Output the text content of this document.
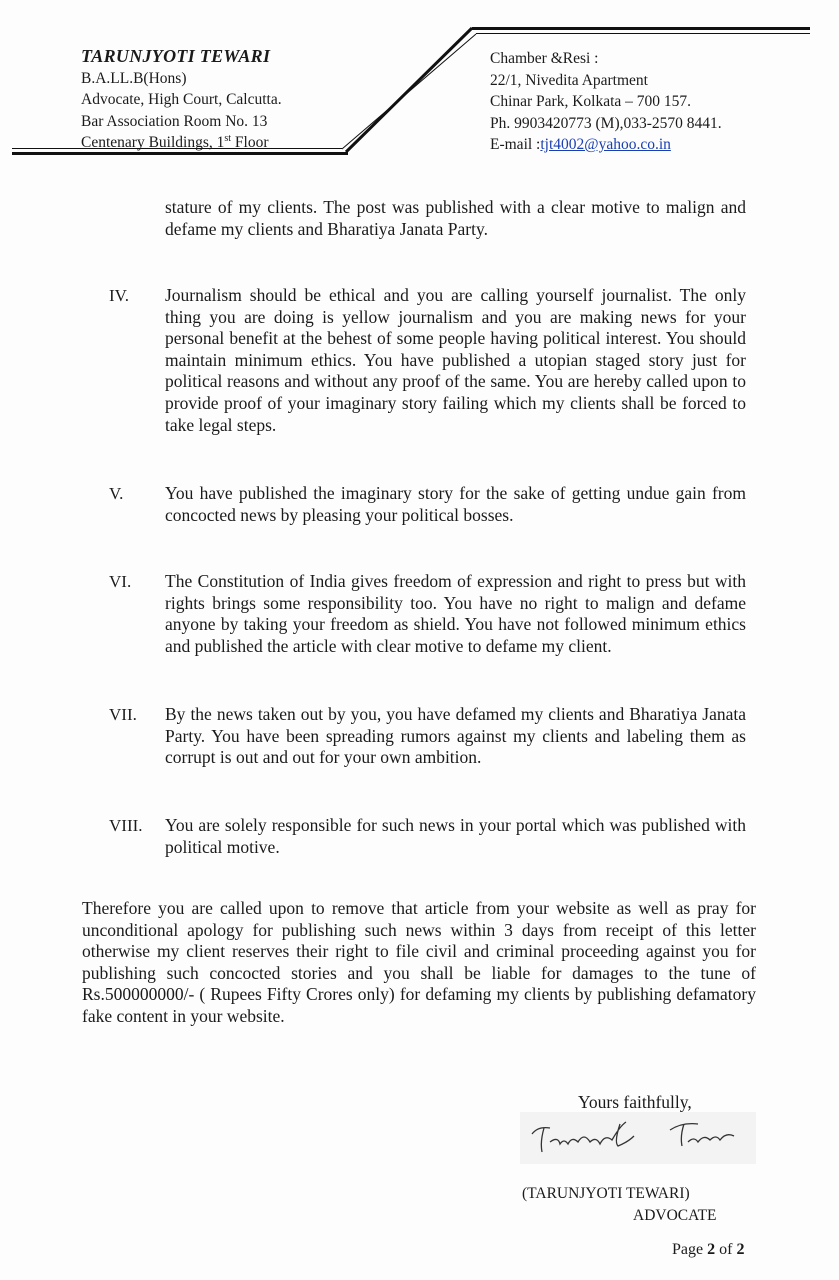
TARUNJYOTI TEWARI
B.A.LL.B(Hons)
Advocate, High Court, Calcutta.
Bar Association Room No. 13
Centenary Buildings, 1st Floor
Chamber &Resi :
22/1, Nivedita Apartment
Chinar Park, Kolkata – 700 157.
Ph. 9903420773 (M),033-2570 8441.
E-mail :tjt4002@yahoo.co.in

stature of my clients. The post was published with a clear motive to malign and defame my clients and Bharatiya Janata Party.

IV. Journalism should be ethical and you are calling yourself journalist. The only thing you are doing is yellow journalism and you are making news for your personal benefit at the behest of some people having political interest. You should maintain minimum ethics. You have published a utopian staged story just for political reasons and without any proof of the same. You are hereby called upon to provide proof of your imaginary story failing which my clients shall be forced to take legal steps.

V. You have published the imaginary story for the sake of getting undue gain from concocted news by pleasing your political bosses.

VI. The Constitution of India gives freedom of expression and right to press but with rights brings some responsibility too. You have no right to malign and defame anyone by taking your freedom as shield. You have not followed minimum ethics and published the article with clear motive to defame my client.

VII. By the news taken out by you, you have defamed my clients and Bharatiya Janata Party. You have been spreading rumors against my clients and labeling them as corrupt is out and out for your own ambition.

VIII. You are solely responsible for such news in your portal which was published with political motive.

Therefore you are called upon to remove that article from your website as well as pray for unconditional apology for publishing such news within 3 days from receipt of this letter otherwise my client reserves their right to file civil and criminal proceeding against you for publishing such concocted stories and you shall be liable for damages to the tune of Rs.500000000/- ( Rupees Fifty Crores only) for defaming my clients by publishing defamatory fake content in your website.

Yours faithfully,
(TARUNJYOTI TEWARI)
ADVOCATE
Page 2 of 2
